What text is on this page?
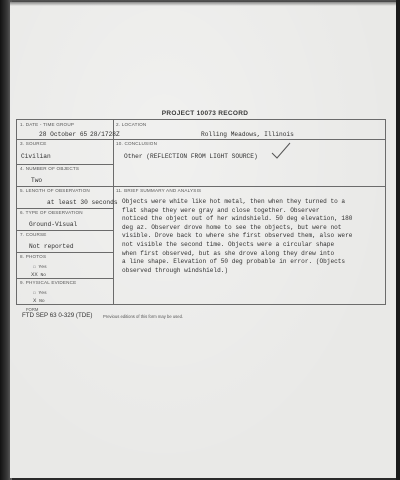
PROJECT 10073 RECORD
1. DATE - TIME GROUP
28 October 65 28/1728Z
2. LOCATION
Rolling Meadows, Illinois
3. SOURCE
Civilian
10. CONCLUSION
Other (REFLECTION FROM LIGHT SOURCE)
4. NUMBER OF OBJECTS
Two
5. LENGTH OF OBSERVATION
at least 30 seconds
11. BRIEF SUMMARY AND ANALYSIS
6. TYPE OF OBSERVATION
Ground-Visual
7. COURSE
Not reported
8. PHOTOS
☐ Yes
XX No
9. PHYSICAL EVIDENCE
☐ Yes
X No
Objects were white like hot metal, then when they turned to a
flat shape they were gray and close together. Observer
noticed the object out of her windshield. 50 deg elevation, 180
deg az. Observer drove home to see the objects, but were not
visible. Drove back to where she first observed them, also were
not visible the second time. Objects were a circular shape
when first observed, but as she drove along they drew into
a line shape. Elevation of 50 deg probable in error. (Objects
observed through windshield.)
FORM
FTD SEP 63 0-329 (TDE)	Previous editions of this form may be used.
